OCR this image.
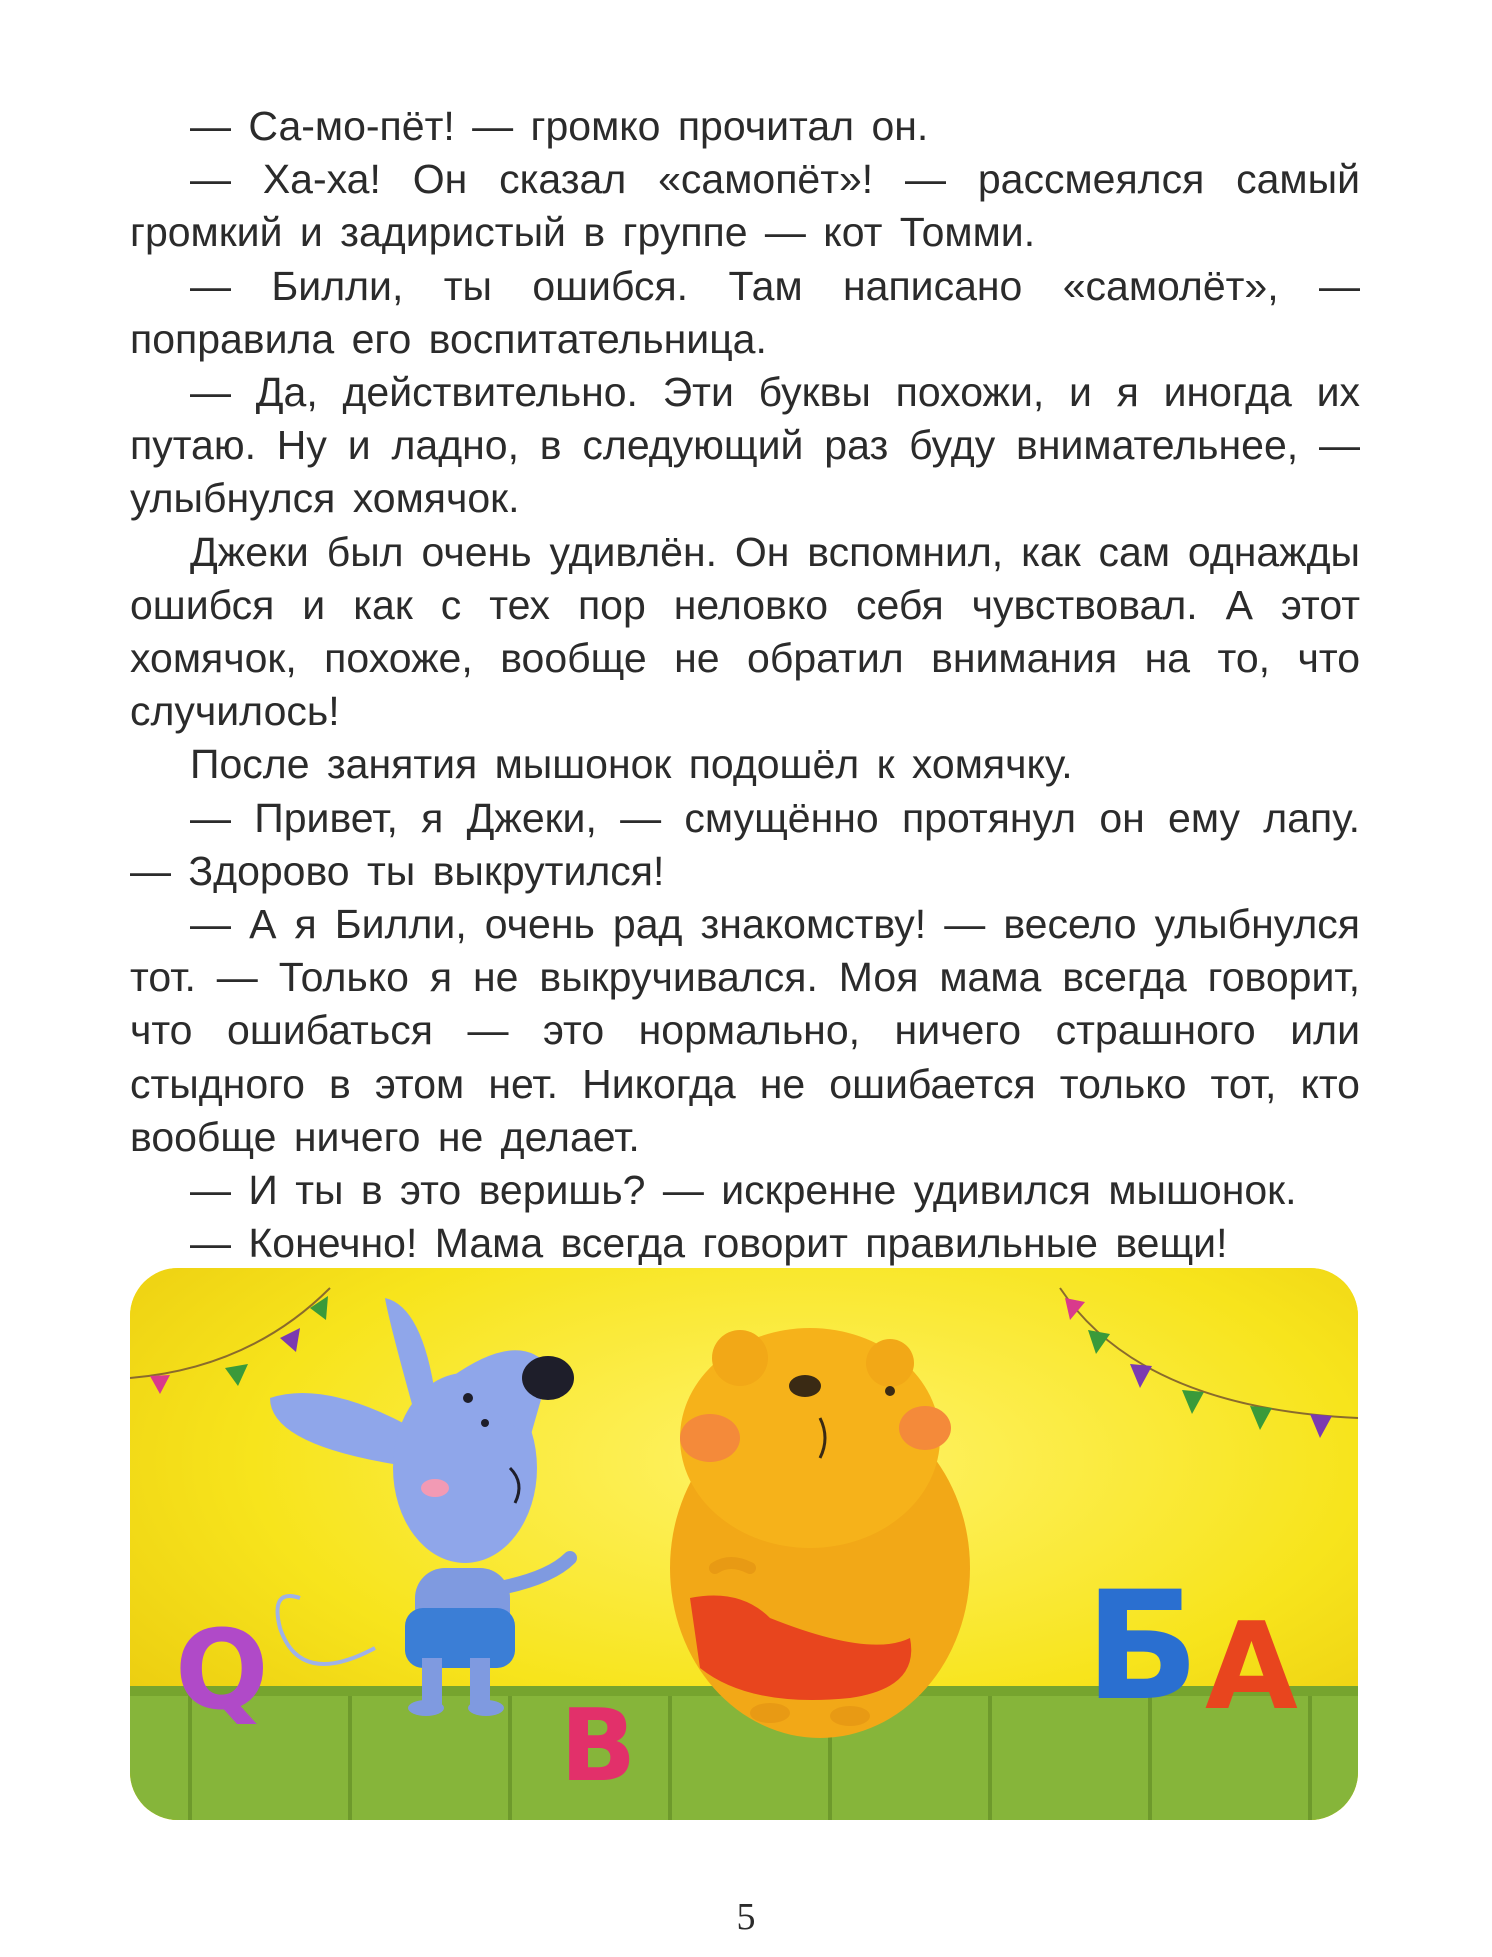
— Са-мо-пёт! — громко прочитал он.

— Ха-ха! Он сказал «самопёт»! — рассмеялся самый громкий и задиристый в группе — кот Томми.

— Билли, ты ошибся. Там написано «самолёт», — поправила его воспитательница.

— Да, действительно. Эти буквы похожи, и я иногда их путаю. Ну и ладно, в следующий раз буду внимательнее, — улыбнулся хомячок.

Джеки был очень удивлён. Он вспомнил, как сам однажды ошибся и как с тех пор неловко себя чувствовал. А этот хомячок, похоже, вообще не обратил внимания на то, что случилось!

После занятия мышонок подошёл к хомячку.

— Привет, я Джеки, — смущённо протянул он ему лапу. — Здорово ты выкрутился!

— А я Билли, очень рад знакомству! — весело улыбнулся тот. — Только я не выкручивался. Моя мама всегда говорит, что ошибаться — это нормально, ничего страшного или стыдного в этом нет. Никогда не ошибается только тот, кто вообще ничего не делает.

— И ты в это веришь? — искренне удивился мышонок.

— Конечно! Мама всегда говорит правильные вещи!

Q
B
Б А
5
